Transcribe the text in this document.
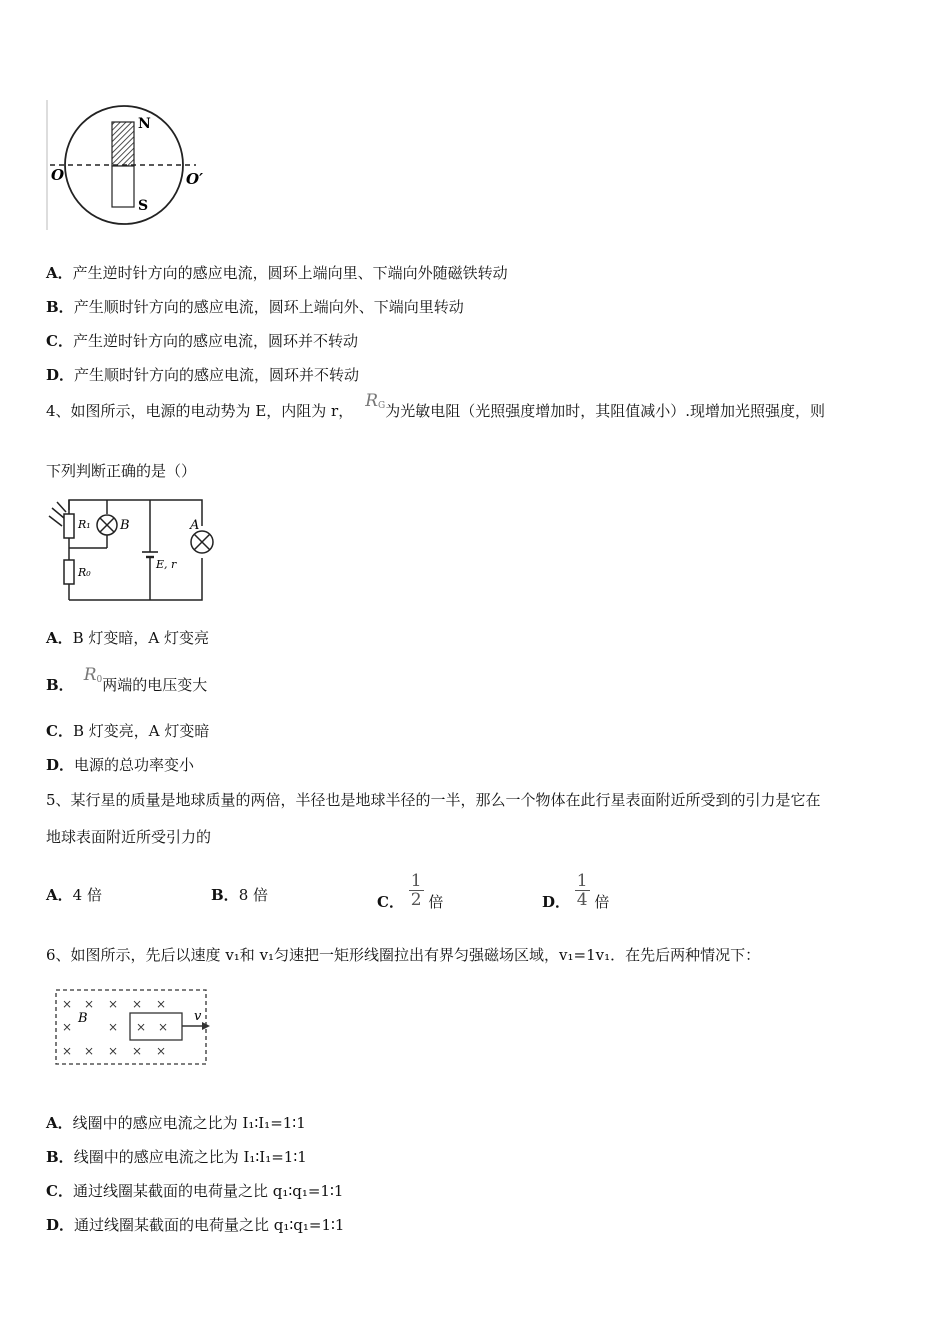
N
S
O	O′
A．产生逆时针方向的感应电流，圆环上端向里、下端向外随磁铁转动
B．产生顺时针方向的感应电流，圆环上端向外、下端向里转动
C．产生逆时针方向的感应电流，圆环并不转动
D．产生顺时针方向的感应电流，圆环并不转动
4、如图所示，电源的电动势为 E，内阻为 r， $R_G$为光敏电阻（光照强度增加时，其阻值减小）.现增加光照强度，则
下列判断正确的是（）
R₁ B	A
E, r
R₀
A．B 灯变暗，A 灯变亮
B． $R_0$两端的电压变大
C．B 灯变亮，A 灯变暗
D．电源的总功率变小
5、某行星的质量是地球质量的两倍，半径也是地球半径的一半，那么一个物体在此行星表面附近所受到的引力是它在
地球表面附近所受引力的
A．4 倍	B．8 倍	C． $\frac{1}{2}$ 倍	D． $\frac{1}{4}$ 倍
6、如图所示，先后以速度 v₁和 v₁匀速把一矩形线圈拉出有界匀强磁场区域，v₁=1v₁．在先后两种情况下：
× × × × ×
×	×
× × × × ×
× ×
B	v
A．线圈中的感应电流之比为 I₁∶I₁=1∶1
B．线圈中的感应电流之比为 I₁∶I₁=1∶1
C．通过线圈某截面的电荷量之比 q₁∶q₁=1∶1
D．通过线圈某截面的电荷量之比 q₁∶q₁=1∶1
